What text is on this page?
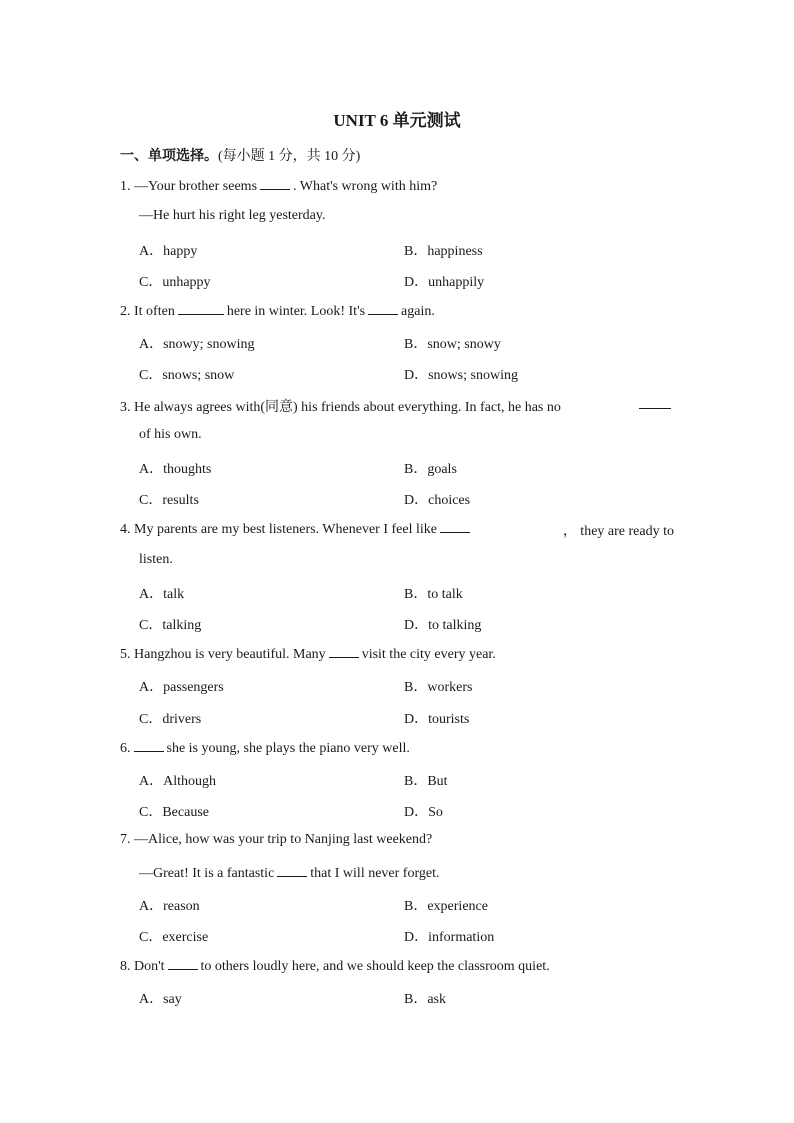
UNIT 6 单元测试
一、单项选择。(每小题 1 分，共 10 分)
1. —Your brother seems	. What's wrong with him?
—He hurt his right leg yesterday.
A．happy	B．happiness
C．unhappy	D．unhappily
2. It often	here in winter. Look! It's	again.
A．snowy; snowing	B．snow; snowy
C．snows; snow	D．snows; snowing
3. He always agrees with(同意) his friends about everything. In fact, he has no
of his own.
A．thoughts	B．goals
C．results	D．choices
4. My parents are my best listeners. Whenever I feel like	， they are ready to
listen.
A．talk	B．to talk
C．talking	D．to talking
5. Hangzhou is very beautiful. Many	visit the city every year.
A．passengers	B．workers
C．drivers	D．tourists
6.	she is young, she plays the piano very well.
A．Although	B．But
C．Because	D．So
7. —Alice, how was your trip to Nanjing last weekend?
—Great! It is a fantastic	that I will never forget.
A．reason	B．experience
C．exercise	D．information
8. Don't	to others loudly here, and we should keep the classroom quiet.
A．say	B．ask
